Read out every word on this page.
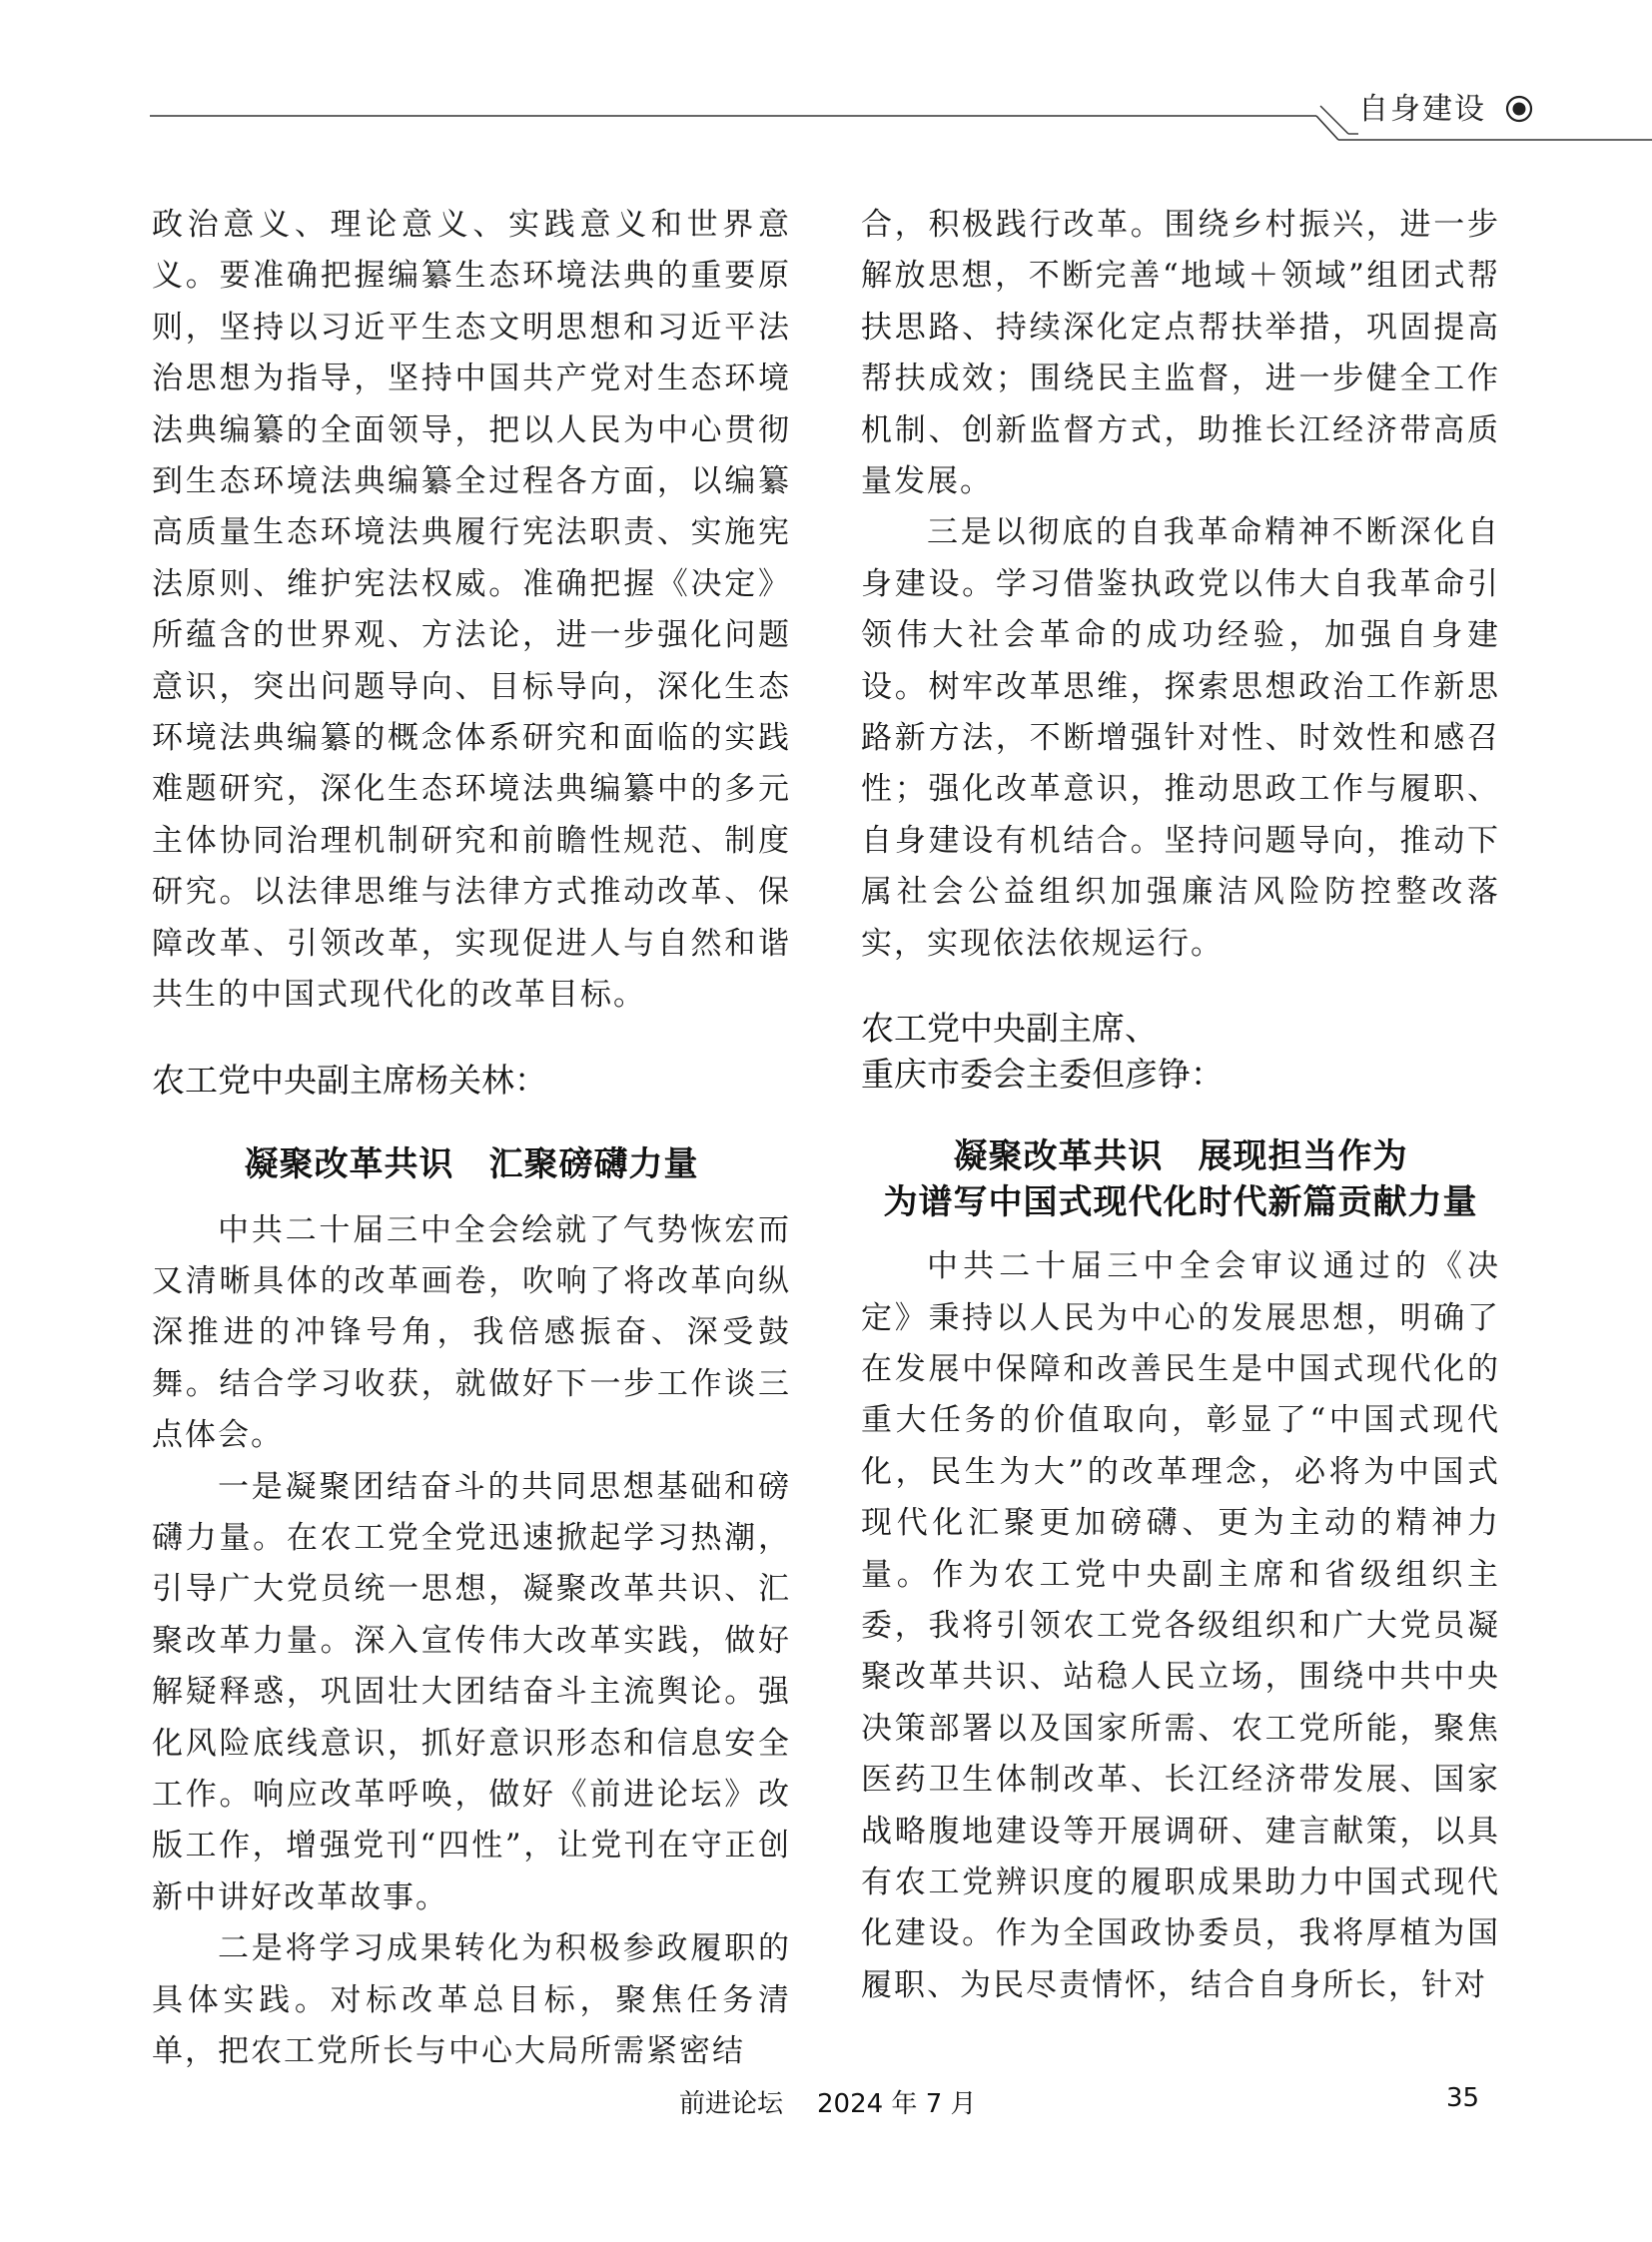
自身建设

政治意义、理论意义、实践意义和世界意义。要准确把握编纂生态环境法典的重要原则，坚持以习近平生态文明思想和习近平法治思想为指导，坚持中国共产党对生态环境法典编纂的全面领导，把以人民为中心贯彻到生态环境法典编纂全过程各方面，以编纂高质量生态环境法典履行宪法职责、实施宪法原则、维护宪法权威。准确把握《决定》所蕴含的世界观、方法论，进一步强化问题意识，突出问题导向、目标导向，深化生态环境法典编纂的概念体系研究和面临的实践难题研究，深化生态环境法典编纂中的多元主体协同治理机制研究和前瞻性规范、制度研究。以法律思维与法律方式推动改革、保障改革、引领改革，实现促进人与自然和谐共生的中国式现代化的改革目标。

农工党中央副主席杨关林：

凝聚改革共识　汇聚磅礴力量

中共二十届三中全会绘就了气势恢宏而又清晰具体的改革画卷，吹响了将改革向纵深推进的冲锋号角，我倍感振奋、深受鼓舞。结合学习收获，就做好下一步工作谈三点体会。

一是凝聚团结奋斗的共同思想基础和磅礴力量。在农工党全党迅速掀起学习热潮，引导广大党员统一思想，凝聚改革共识、汇聚改革力量。深入宣传伟大改革实践，做好解疑释惑，巩固壮大团结奋斗主流舆论。强化风险底线意识，抓好意识形态和信息安全工作。响应改革呼唤，做好《前进论坛》改版工作，增强党刊“四性”，让党刊在守正创新中讲好改革故事。

二是将学习成果转化为积极参政履职的具体实践。对标改革总目标，聚焦任务清单，把农工党所长与中心大局所需紧密结

合，积极践行改革。围绕乡村振兴，进一步解放思想，不断完善“地域＋领域”组团式帮扶思路、持续深化定点帮扶举措，巩固提高帮扶成效；围绕民主监督，进一步健全工作机制、创新监督方式，助推长江经济带高质量发展。

三是以彻底的自我革命精神不断深化自身建设。学习借鉴执政党以伟大自我革命引领伟大社会革命的成功经验，加强自身建设。树牢改革思维，探索思想政治工作新思路新方法，不断增强针对性、时效性和感召性；强化改革意识，推动思政工作与履职、自身建设有机结合。坚持问题导向，推动下属社会公益组织加强廉洁风险防控整改落实，实现依法依规运行。

农工党中央副主席、

重庆市委会主委但彦铮：

凝聚改革共识　展现担当作为

为谱写中国式现代化时代新篇贡献力量

中共二十届三中全会审议通过的《决定》秉持以人民为中心的发展思想，明确了在发展中保障和改善民生是中国式现代化的重大任务的价值取向，彰显了“中国式现代化，民生为大”的改革理念，必将为中国式现代化汇聚更加磅礴、更为主动的精神力量。作为农工党中央副主席和省级组织主委，我将引领农工党各级组织和广大党员凝聚改革共识、站稳人民立场，围绕中共中央决策部署以及国家所需、农工党所能，聚焦医药卫生体制改革、长江经济带发展、国家战略腹地建设等开展调研、建言献策，以具有农工党辨识度的履职成果助力中国式现代化建设。作为全国政协委员，我将厚植为国履职、为民尽责情怀，结合自身所长，针对

前进论坛 2024 年 7 月	35
